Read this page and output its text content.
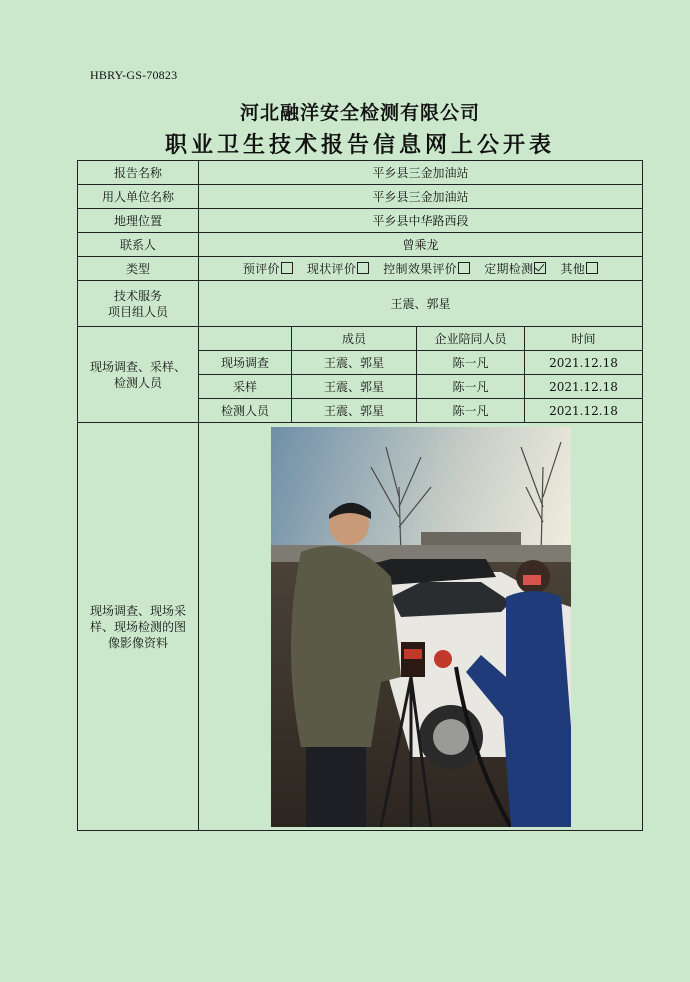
HBRY-GS-70823
河北融洋安全检测有限公司
职业卫生技术报告信息网上公开表
报告名称	平乡县三金加油站			
用人单位名称	平乡县三金加油站			
地理位置	平乡县中华路西段			
联系人	曾乘龙			
类型	预评价 现状评价 控制效果评价 定期检测 其他			

技术服务
项目组人员	王震、郭星			

现场调查、采样、
检测人员		成员	企业陪同人员	时间
	现场调查	王震、郭星	陈一凡	2021.12.18
	采样	王震、郭星	陈一凡	2021.12.18
	检测人员	王震、郭星	陈一凡	2021.12.18

现场调查、现场采
样、现场检测的图
像影像资料
